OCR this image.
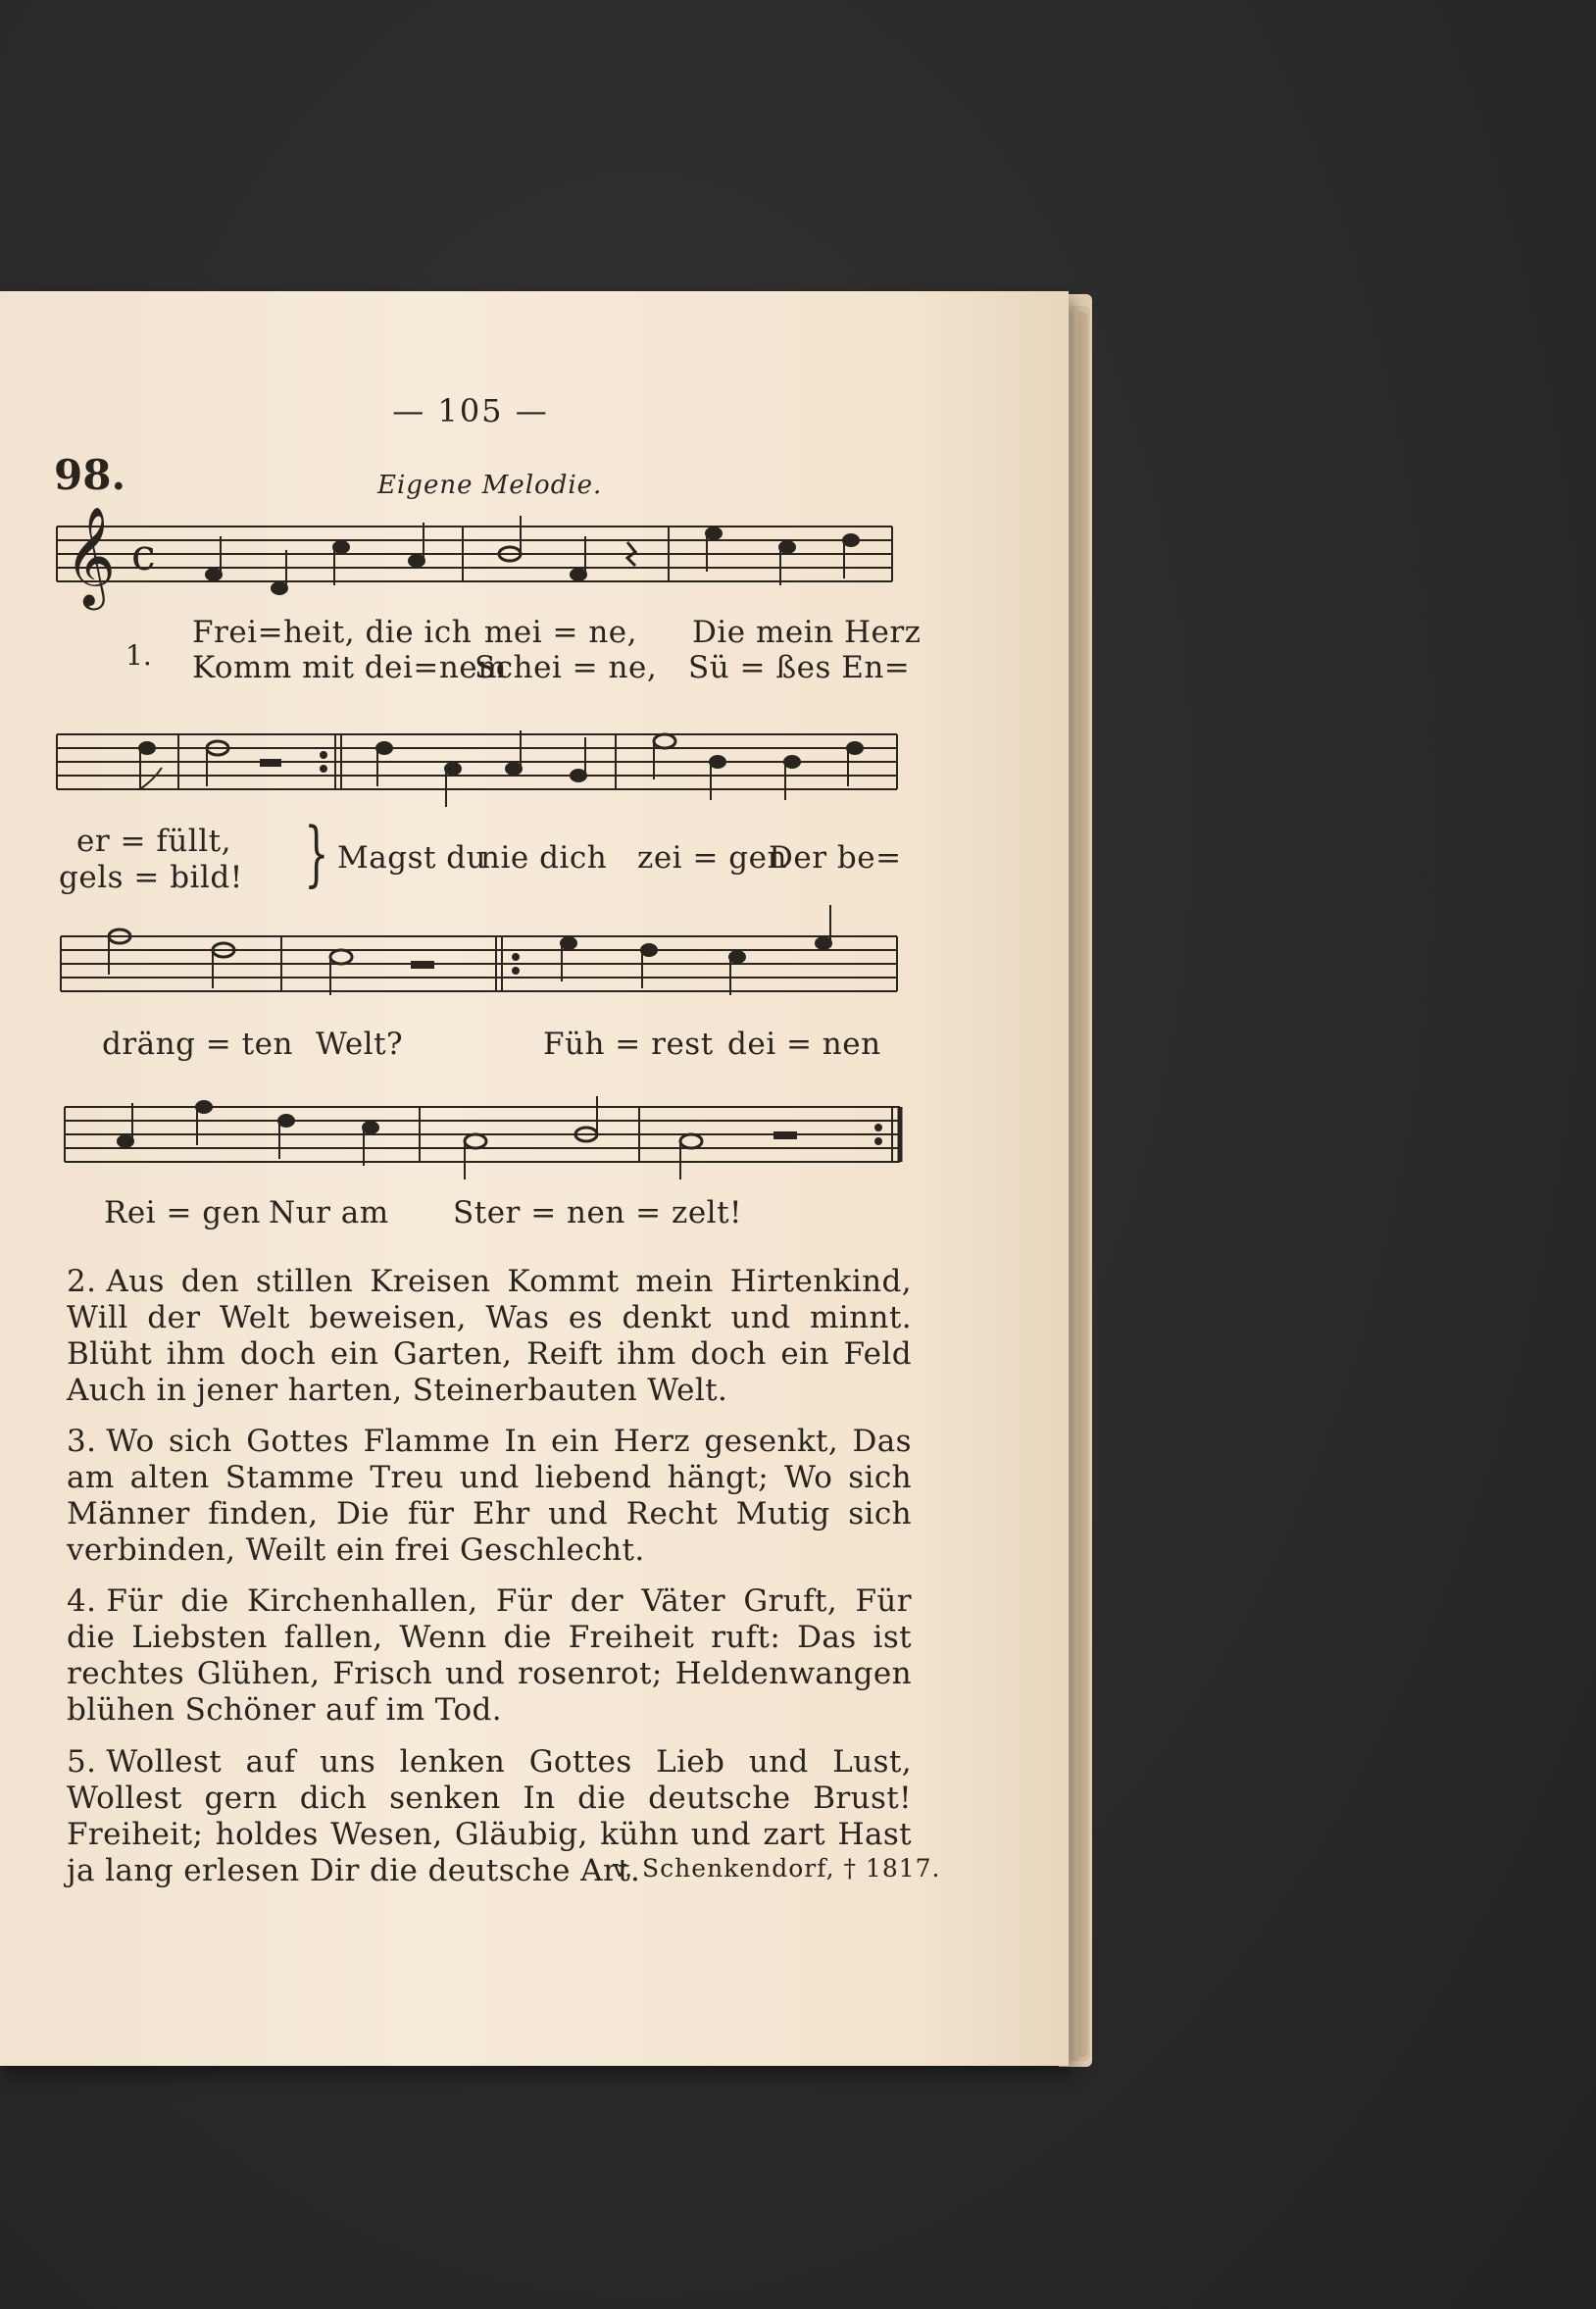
— 105 —
98.	Eigene Melodie.
𝄞 c
1.
Frei=heit, die ich mei = ne, Die mein Herz
Komm mit dei=nem
Schei = ne, Sü = ßes En=
er = füllt,
gels = bild! } Magst du
nie dich zei = gen
Der be=
dräng = ten Welt?	Füh = rest dei = nen
Rei = gen Nur am Ster = nen = zelt!
2. Aus den stillen Kreisen Kommt mein Hirtenkind, Will der Welt beweisen, Was es denkt und minnt. Blüht ihm doch ein Garten, Reift ihm doch ein Feld Auch in jener harten, Steinerbauten Welt.
3. Wo sich Gottes Flamme In ein Herz gesenkt, Das am alten Stamme Treu und liebend hängt; Wo sich Männer finden, Die für Ehr und Recht Mutig sich verbinden, Weilt ein frei Geschlecht.
4. Für die Kirchenhallen, Für der Väter Gruft, Für die Liebsten fallen, Wenn die Freiheit ruft: Das ist rechtes Glühen, Frisch und rosenrot; Heldenwangen blühen Schöner auf im Tod.
5. Wollest auf uns lenken Gottes Lieb und Lust, Wollest gern dich senken In die deutsche Brust! Freiheit; holdes Wesen, Gläubig, kühn und zart Hast ja lang erlesen Dir die deutsche Art.
v. Schenkendorf, † 1817.
